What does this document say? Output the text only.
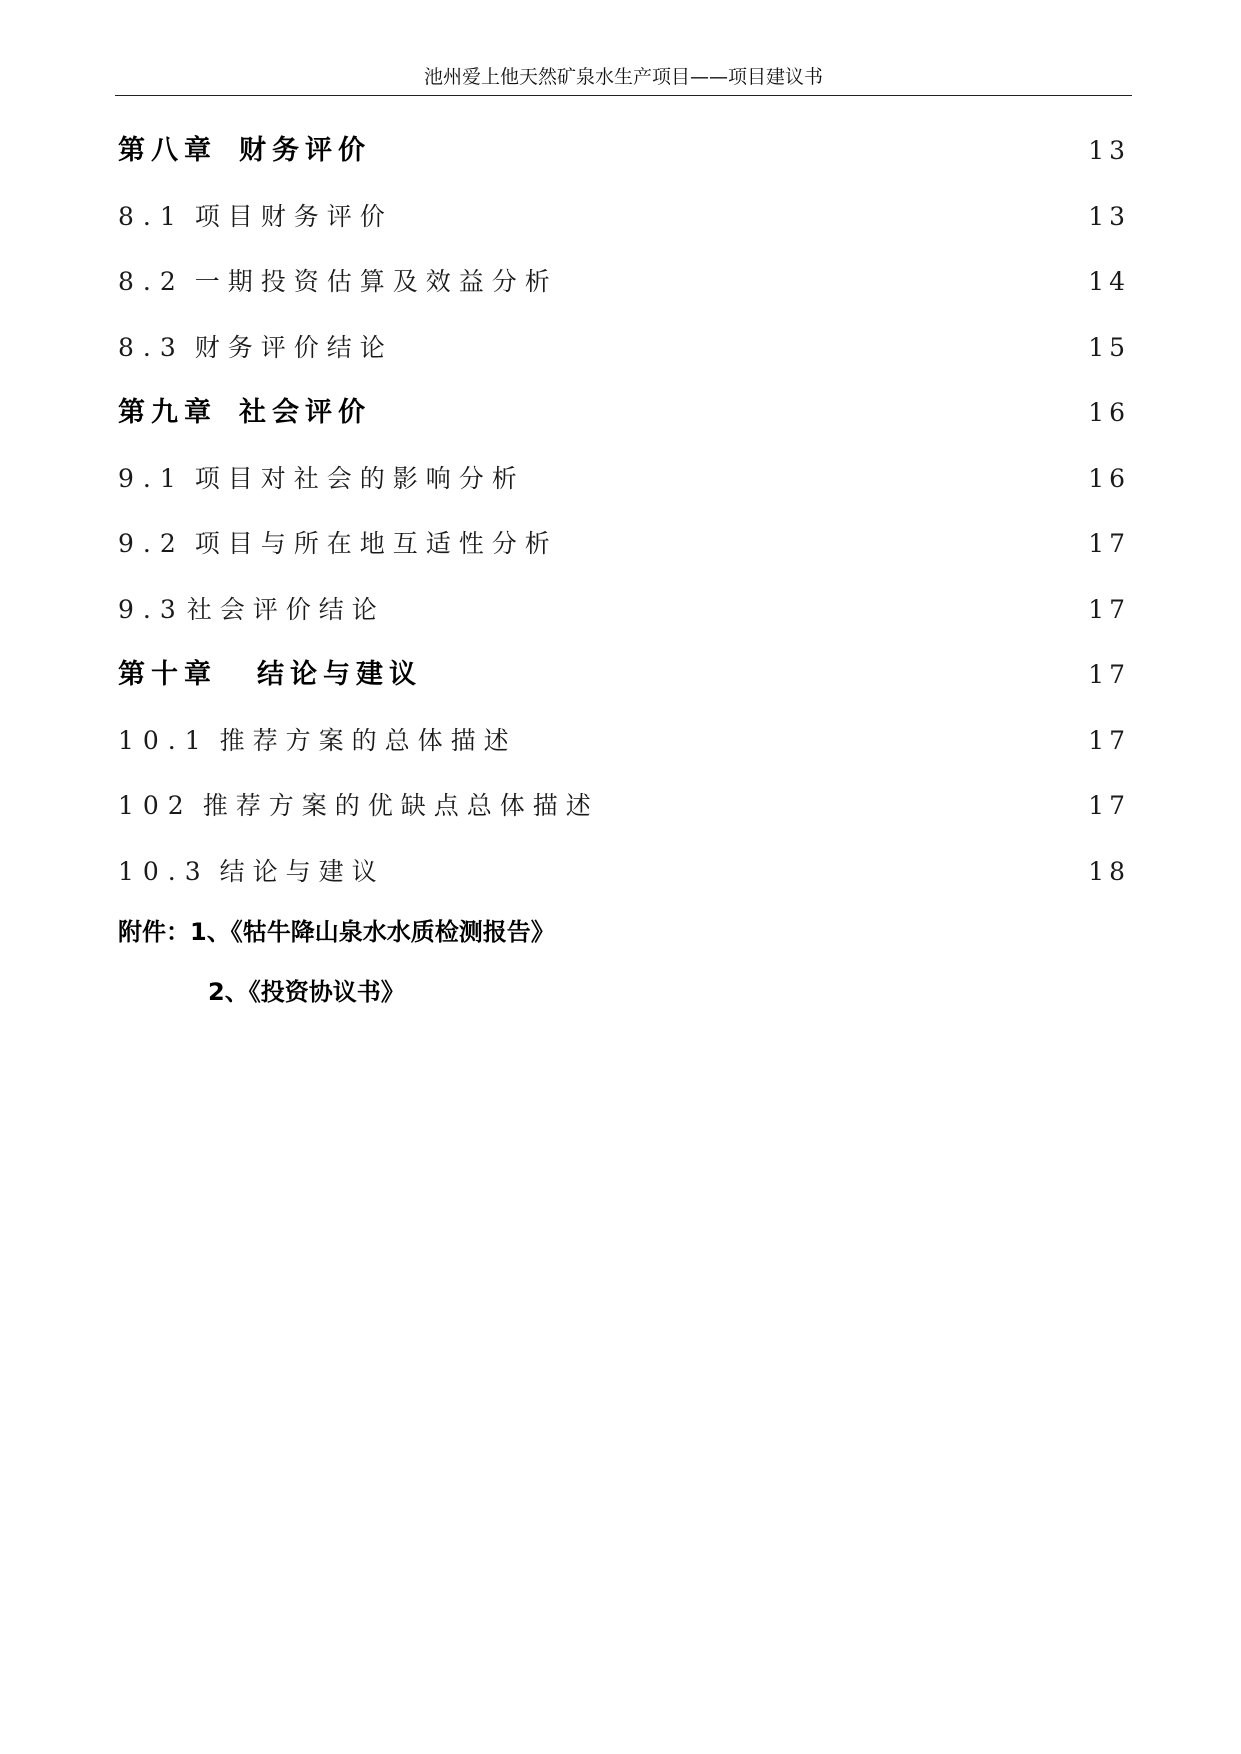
池州爱上他天然矿泉水生产项目——项目建议书
第八章 财务评价 … … … … … … … … … … … … … … … … … … … … … … … … … … … … … … … … … … … … … … … … … … … … … … … … … … … … … … …	13
8.1 项目财务评价 … … … … … … … … … … … … … … … … … … … … … … … … … … … … … … … … … … … … … … … … … … … … … … … … … … … … … … …	13
8.2 一期投资估算及效益分析 … … … … … … … … … … … … … … … … … … … … … … … … … … … … … … … … … … … … … … … … … … … … … … … … … … … … … … …	14
8.3 财务评价结论 … … … … … … … … … … … … … … … … … … … … … … … … … … … … … … … … … … … … … … … … … … … … … … … … … … … … … … …	15
第九章 社会评价 … … … … … … … … … … … … … … … … … … … … … … … … … … … … … … … … … … … … … … … … … … … … … … … … … … … … … … …	16
9.1 项目对社会的影响分析 … … … … … … … … … … … … … … … … … … … … … … … … … … … … … … … … … … … … … … … … … … … … … … … … … … … … … … …	16
9.2 项目与所在地互适性分析 … … … … … … … … … … … … … … … … … … … … … … … … … … … … … … … … … … … … … … … … … … … … … … … … … … … … … … …	17
9.3社会评价结论 … … … … … … … … … … … … … … … … … … … … … … … … … … … … … … … … … … … … … … … … … … … … … … … … … … … … … … …	17
第十章 结论与建议 … … … … … … … … … … … … … … … … … … … … … … … … … … … … … … … … … … … … … … … … … … … … … … … … … … … … … … …	17
10.1 推荐方案的总体描述 … … … … … … … … … … … … … … … … … … … … … … … … … … … … … … … … … … … … … … … … … … … … … … … … … … … … … … …	17
102 推荐方案的优缺点总体描述 … … … … … … … … … … … … … … … … … … … … … … … … … … … … … … … … … … … … … … … … … … … … … … … … … … … … … … …	17
10.3 结论与建议 … … … … … … … … … … … … … … … … … … … … … … … … … … … … … … … … … … … … … … … … … … … … … … … … … … … … … … …	18
附件：1、《牯牛降山泉水水质检测报告》
2、《投资协议书》
